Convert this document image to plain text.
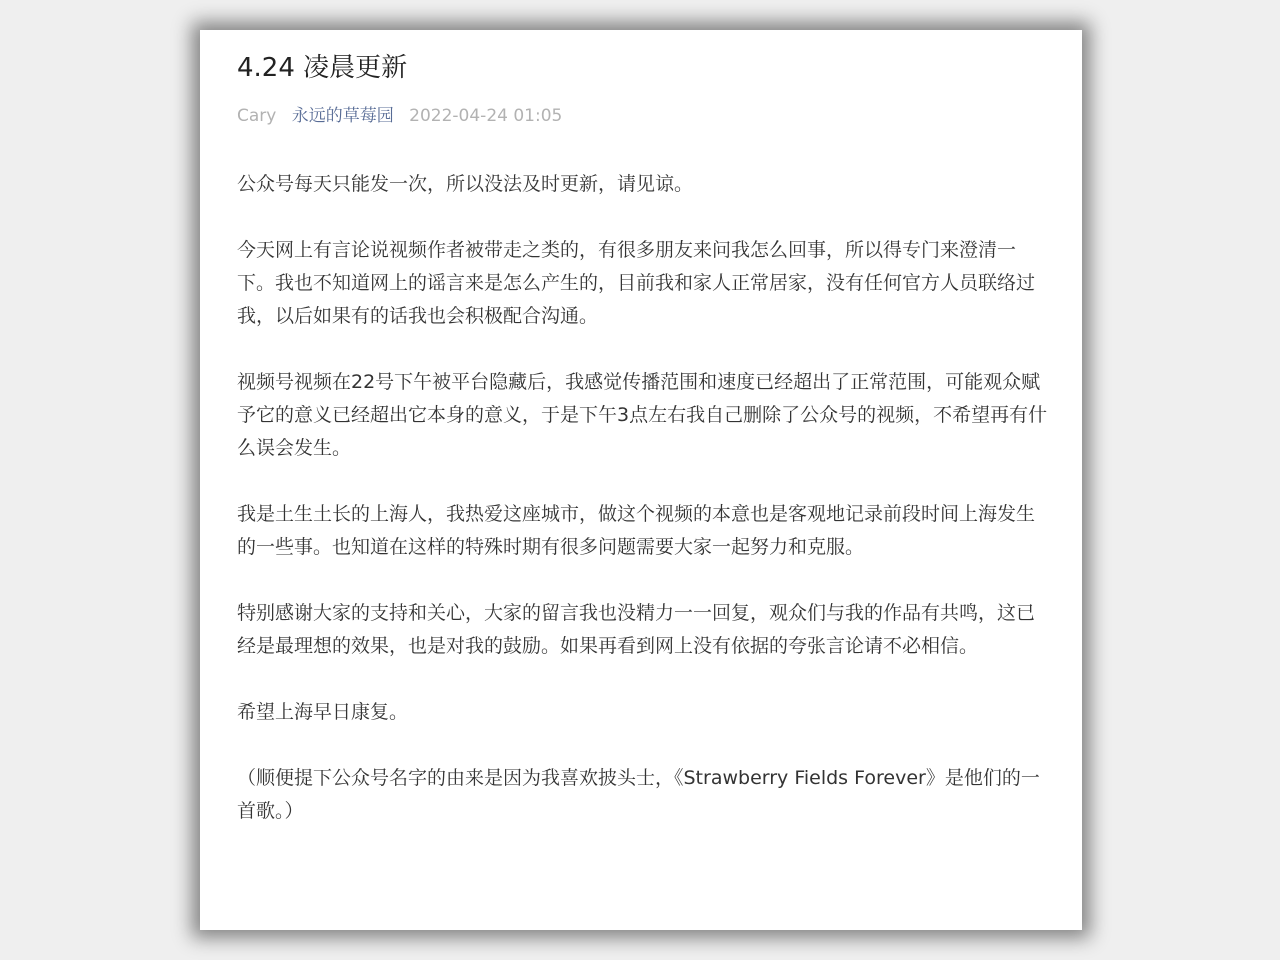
4.24 凌晨更新
Cary 永远的草莓园 2022-04-24 01:05

公众号每天只能发一次，所以没法及时更新，请见谅。

今天网上有言论说视频作者被带走之类的，有很多朋友来问我怎么回事，所以得专门来澄清一下。我也不知道网上的谣言来是怎么产生的，目前我和家人正常居家，没有任何官方人员联络过我，以后如果有的话我也会积极配合沟通。

视频号视频在22号下午被平台隐藏后，我感觉传播范围和速度已经超出了正常范围，可能观众赋予它的意义已经超出它本身的意义，于是下午3点左右我自己删除了公众号的视频，不希望再有什么误会发生。

我是土生土长的上海人，我热爱这座城市，做这个视频的本意也是客观地记录前段时间上海发生的一些事。也知道在这样的特殊时期有很多问题需要大家一起努力和克服。

特别感谢大家的支持和关心，大家的留言我也没精力一一回复，观众们与我的作品有共鸣，这已经是最理想的效果，也是对我的鼓励。如果再看到网上没有依据的夸张言论请不必相信。

希望上海早日康复。

（顺便提下公众号名字的由来是因为我喜欢披头士，《Strawberry Fields Forever》是他们的一首歌。）
